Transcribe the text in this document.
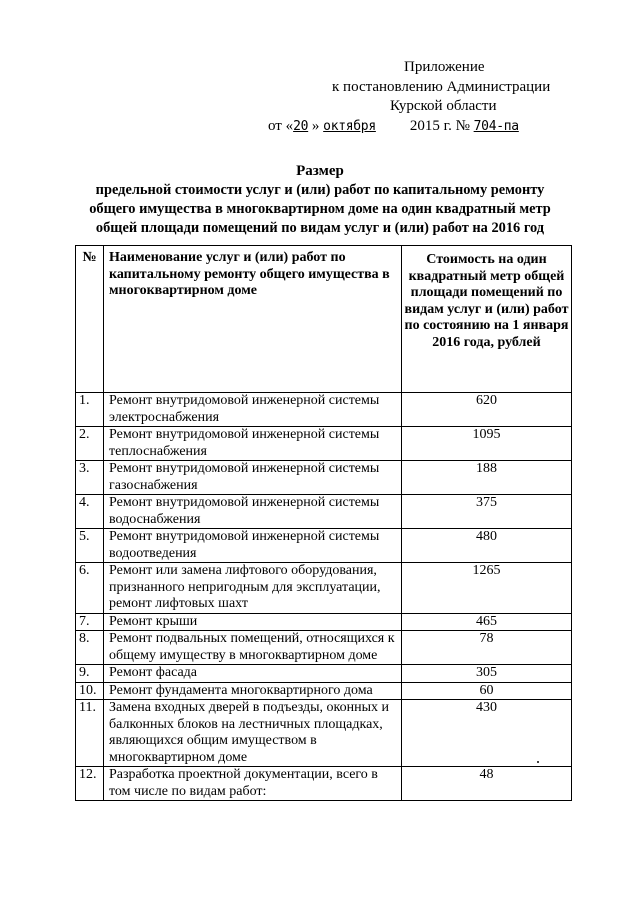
Приложение
к постановлению Администрации
Курской области
от «20 » октября 2015 г. № 704-па
Размер
предельной стоимости услуг и (или) работ по капитальному ремонту
общего имущества в многоквартирном доме на один квадратный метр
общей площади помещений по видам услуг и (или) работ на 2016 год
№	Наименование услуг и (или) работ по капитальному ремонту общего имущества в многоквартирном доме	Стоимость на один квадратный метр общей площади помещений по видам услуг и (или) работ по состоянию на 1 января 2016 года, рублей
1.	Ремонт внутридомовой инженерной системы электроснабжения	620
2.	Ремонт внутридомовой инженерной системы теплоснабжения	1095
3.	Ремонт внутридомовой инженерной системы газоснабжения	188
4.	Ремонт внутридомовой инженерной системы водоснабжения	375
5.	Ремонт внутридомовой инженерной системы водоотведения	480
6.	Ремонт или замена лифтового оборудования, признанного непригодным для эксплуатации, ремонт лифтовых шахт	1265
7.	Ремонт крыши	465
8.	Ремонт подвальных помещений, относящихся к общему имуществу в многоквартирном доме	78
9.	Ремонт фасада	305
10.	Ремонт фундамента многоквартирного дома	60
11.	Замена входных дверей в подъезды, оконных и балконных блоков на лестничных площадках, являющихся общим имуществом в многоквартирном доме	430
12.	Разработка проектной документации, всего в том числе по видам работ:	48
